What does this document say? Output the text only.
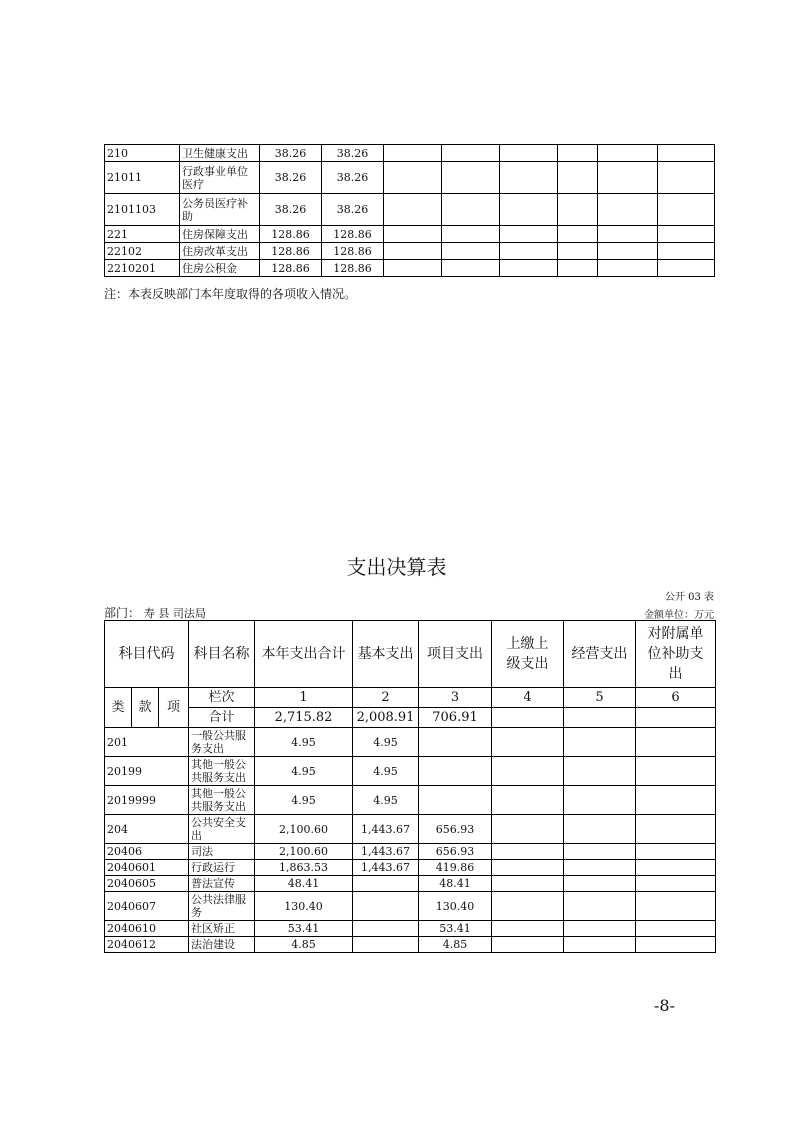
210	卫生健康支出	38.26	38.26						
21011	行政事业单位医疗	38.26	38.26						
2101103	公务员医疗补助	38.26	38.26						
221	住房保障支出	128.86	128.86						
22102	住房改革支出	128.86	128.86						
2210201	住房公积金	128.86	128.86						
注：本表反映部门本年度取得的各项收入情况。
支出决算表
公开 03 表
部门： 寿 县 司法局	金额单位：万元
科目代码			科目名称	本年支出合计	基本支出	项目支出	上缴上级支出	经营支出	对附属单位补助支出
类	款	项	栏次	1	2	3	4	5	6
			合计	2,715.82	2,008.91	706.91			
201			一般公共服务支出	4.95	4.95				
20199			其他一般公共服务支出	4.95	4.95				
2019999			其他一般公共服务支出	4.95	4.95				
204			公共安全支出	2,100.60	1,443.67	656.93			
20406			司法	2,100.60	1,443.67	656.93			
2040601			行政运行	1,863.53	1,443.67	419.86			
2040605			普法宣传	48.41		48.41			
2040607			公共法律服务	130.40		130.40			
2040610			社区矫正	53.41		53.41			
2040612			法治建设	4.85		4.85			
-8-
